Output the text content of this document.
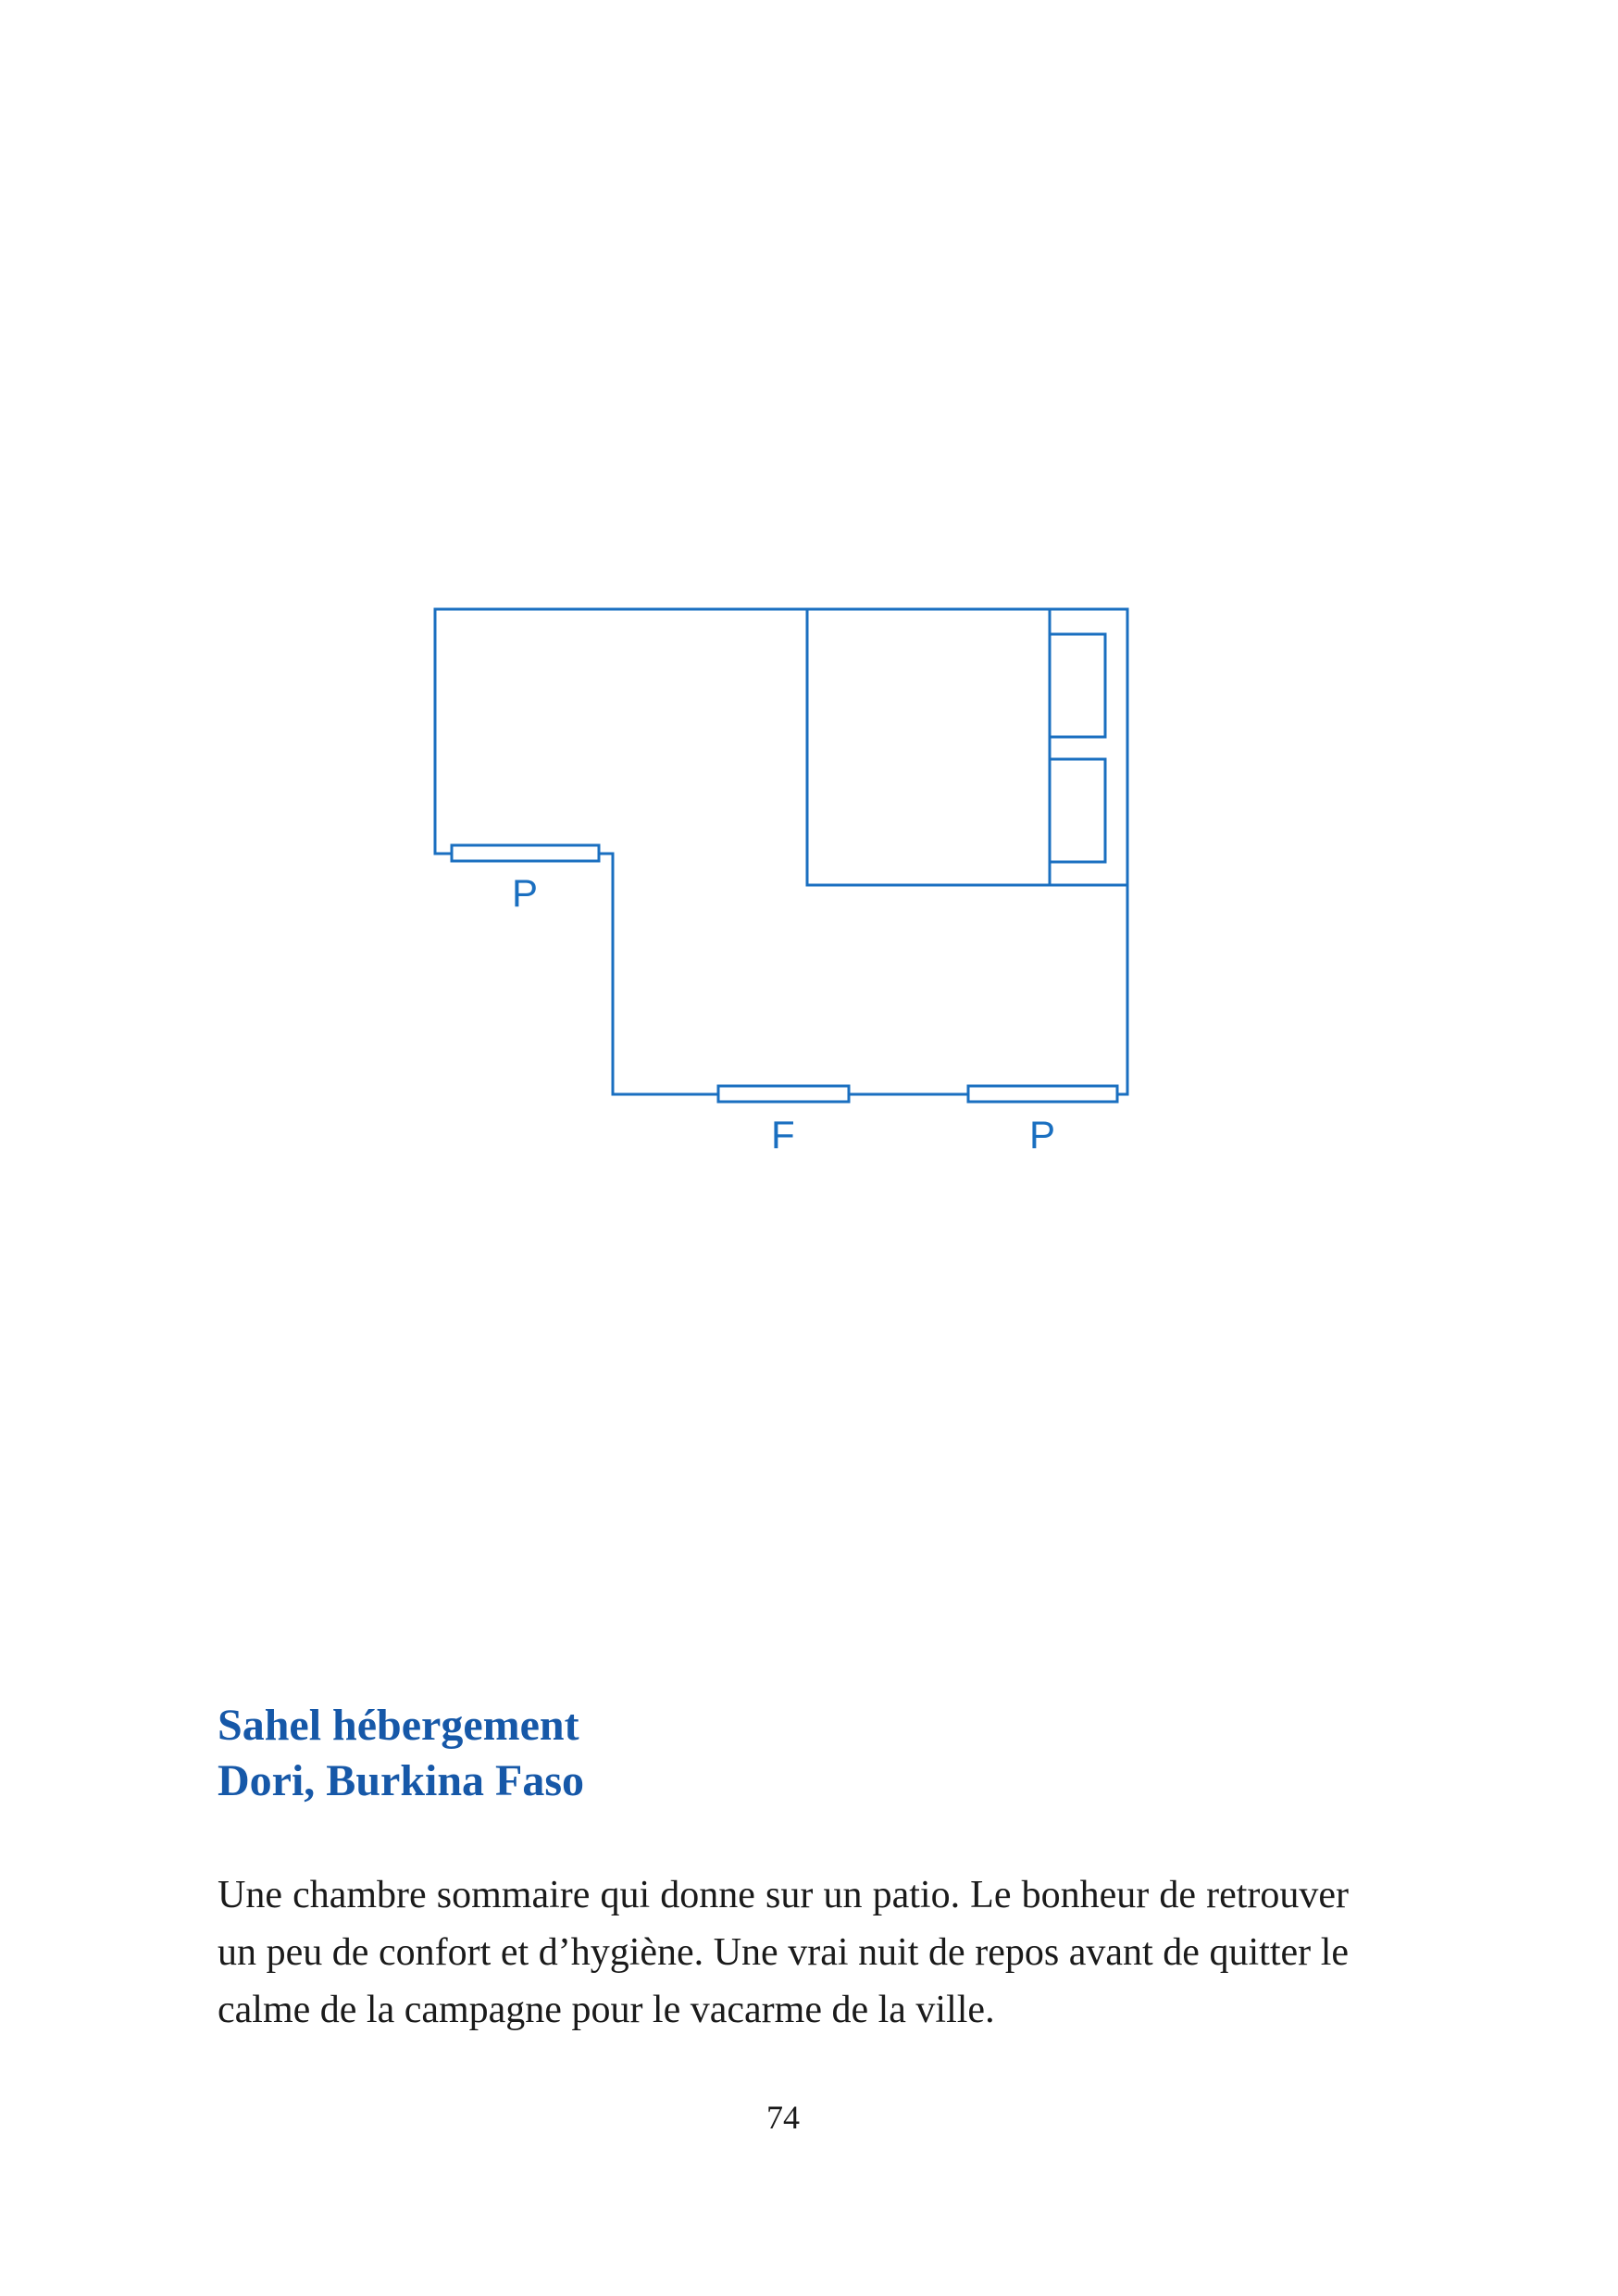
P
F	P
Sahel hébergement
Dori, Burkina Faso

Une chambre sommaire qui donne sur un patio. Le bonheur de retrouver un peu de confort et d’hygiène. Une vrai nuit de repos avant de quitter le calme de la campagne pour le vacarme de la ville.

74
